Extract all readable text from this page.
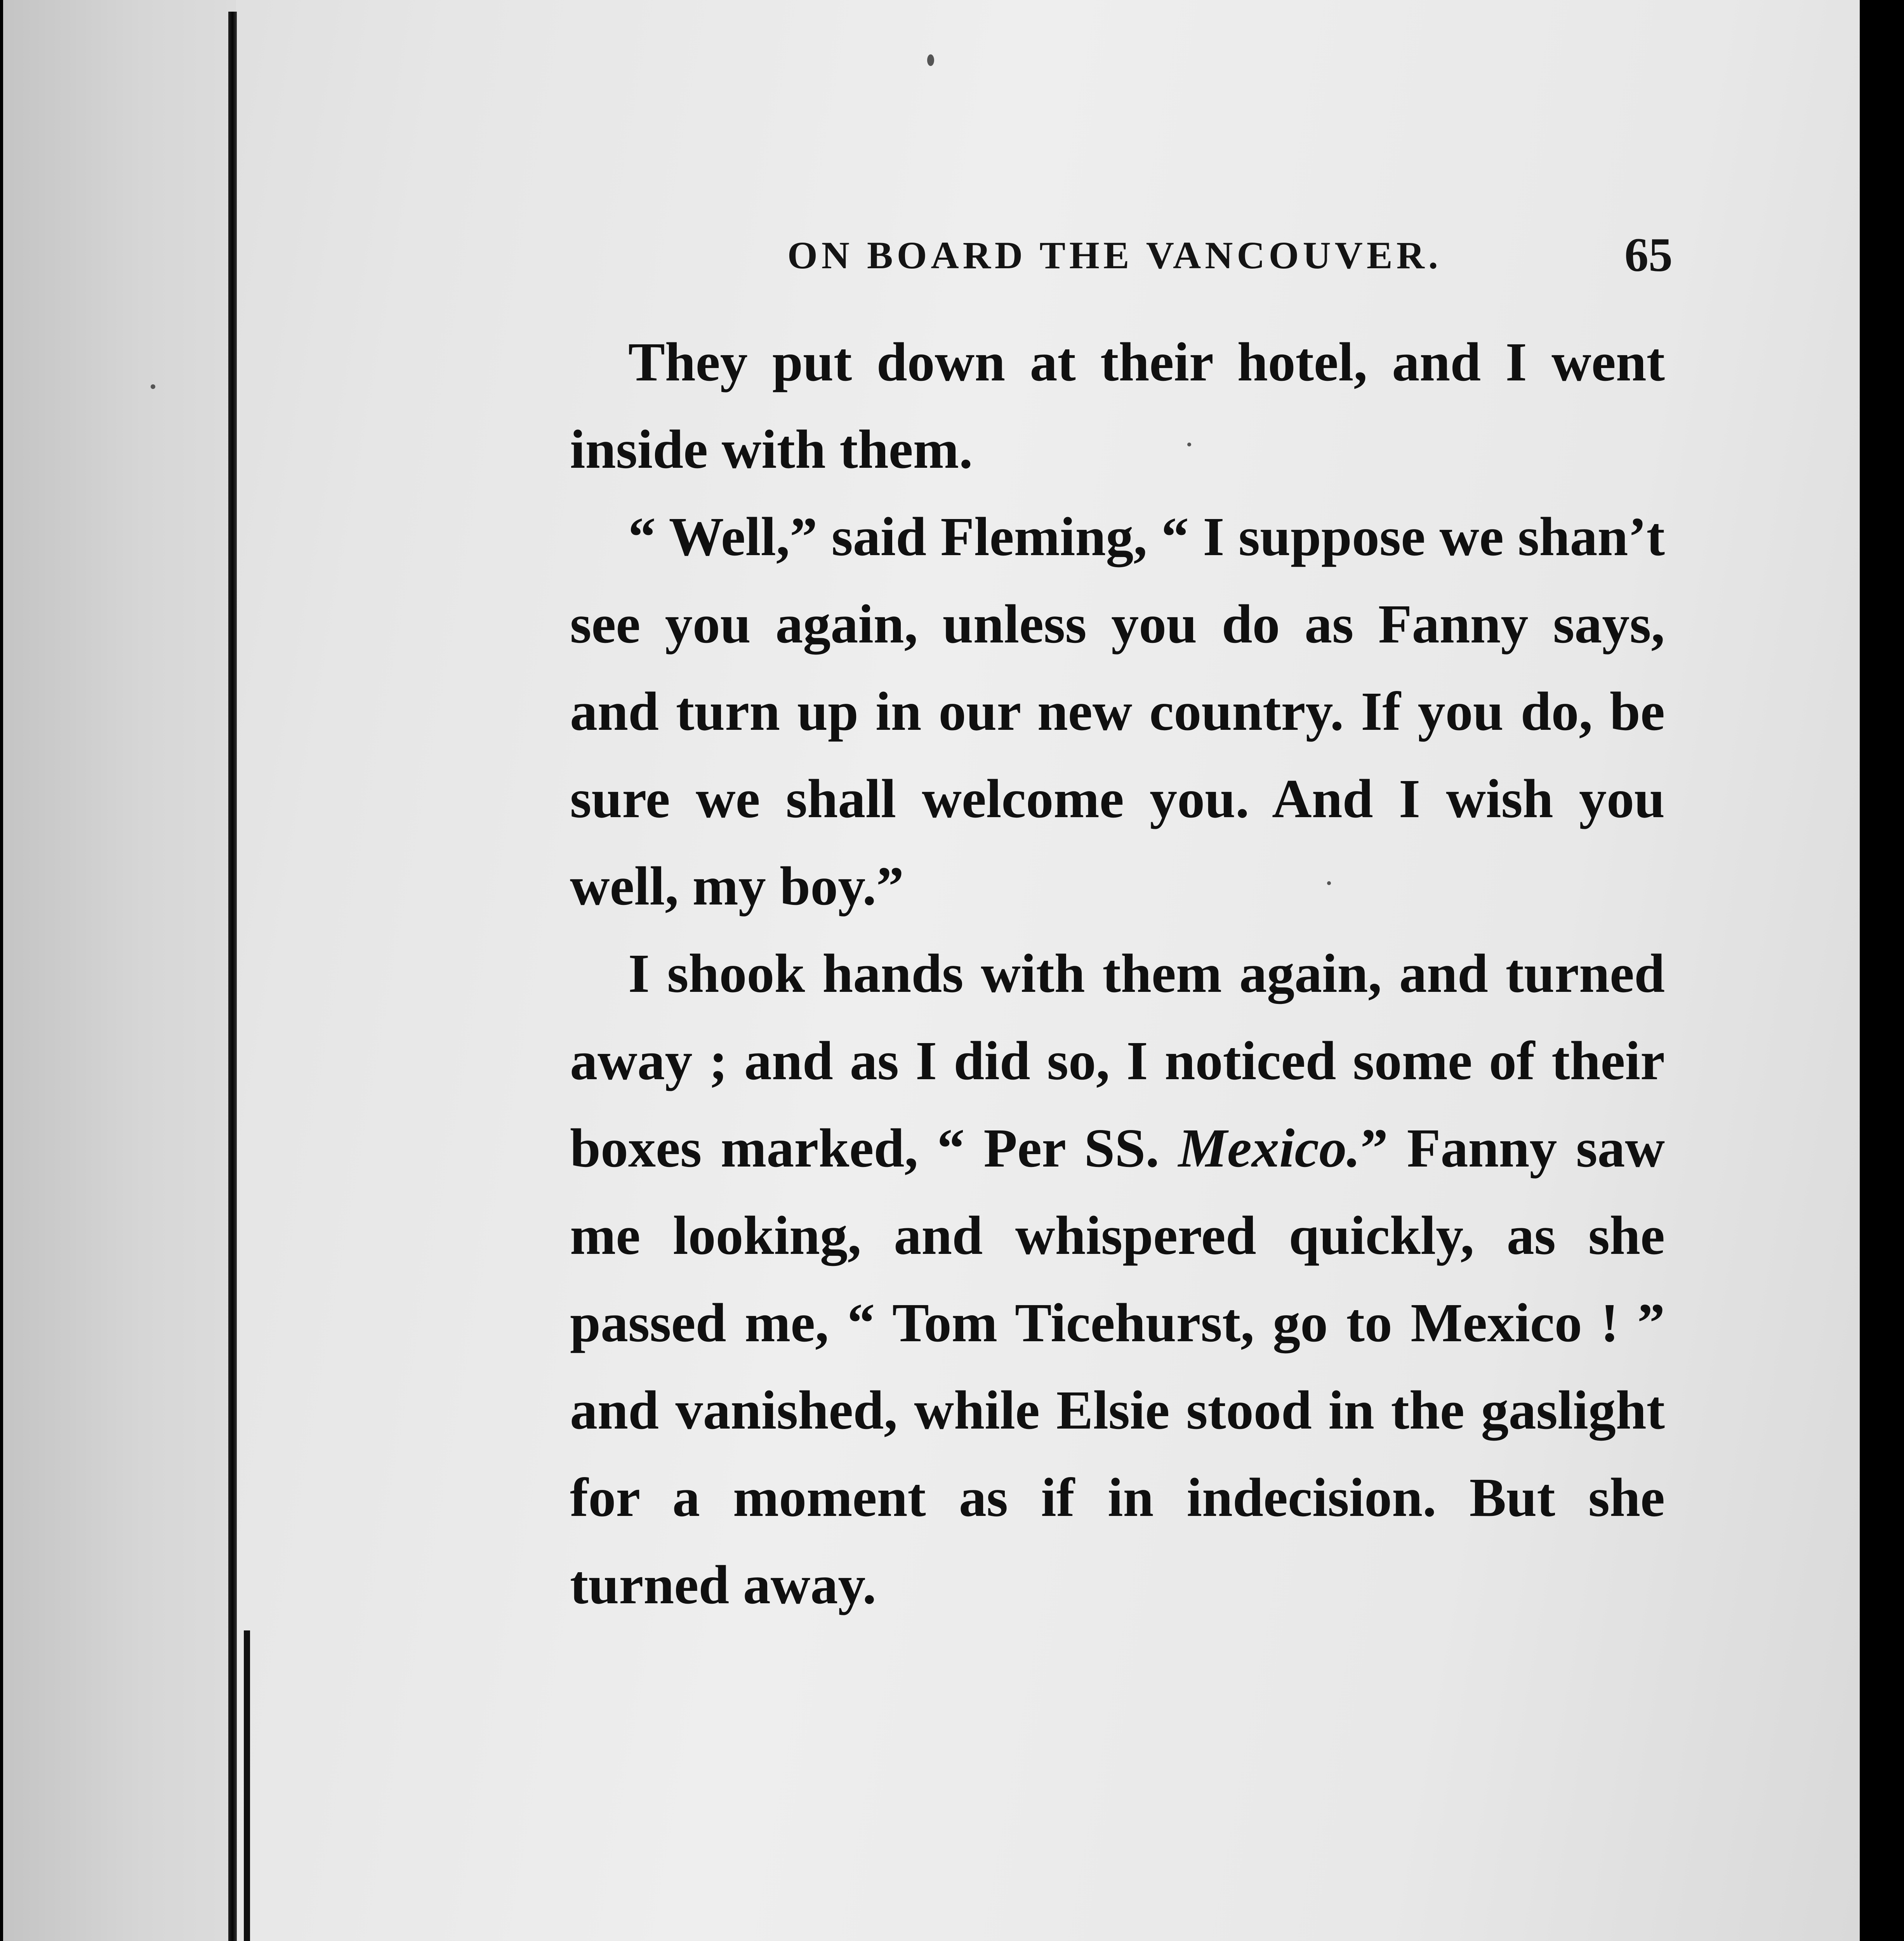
ON BOARD THE VANCOUVER.	65

They put down at their hotel, and I went inside with them.

“ Well,” said Fleming, “ I suppose we shan’t see you again, unless you do as Fanny says, and turn up in our new country. If you do, be sure we shall welcome you. And I wish you well, my boy.”

I shook hands with them again, and turned away ; and as I did so, I noticed some of their boxes marked, “ Per SS. Mexico.” Fanny saw me looking, and whispered quickly, as she passed me, “ Tom Ticehurst, go to Mexico ! ” and vanished, while Elsie stood in the gaslight for a moment as if in indecision. But she turned away.
